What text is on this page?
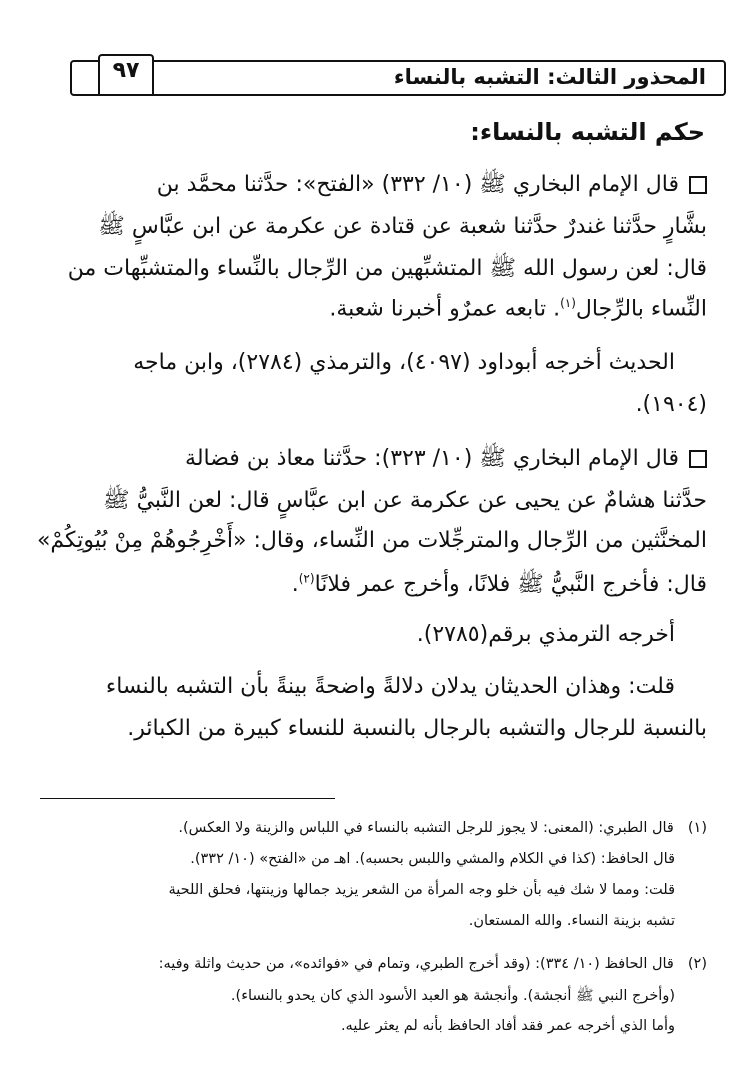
المحذور الثالث: التشبه بالنساء
٩٧
حكم التشبه بالنساء:
قال الإمام البخاري ﷺ (١٠/ ٣٣٢) «الفتح»: حدَّثنا محمَّد بن
بشَّارٍ حدَّثنا غندرٌ حدَّثنا شعبة عن قتادة عن عكرمة عن ابن عبَّاسٍ ﷺ
قال: لعن رسول الله ﷺ المتشبِّهين من الرِّجال بالنِّساء والمتشبِّهات من
النِّساء بالرِّجال$^{(١)}$. تابعه عمرٌو أخبرنا شعبة.
الحديث أخرجه أبوداود (٤٠٩٧)، والترمذي (٢٧٨٤)، وابن ماجه
(١٩٠٤).
قال الإمام البخاري ﷺ (١٠/ ٣٢٣): حدَّثنا معاذ بن فضالة
حدَّثنا هشامٌ عن يحيى عن عكرمة عن ابن عبَّاسٍ قال: لعن النَّبيُّ ﷺ
المخنَّثين من الرِّجال والمترجِّلات من النِّساء، وقال: «أَخْرِجُوهُمْ مِنْ بُيُوتِكُمْ»
قال: فأخرج النَّبيُّ ﷺ فلانًا، وأخرج عمر فلانًا$^{(٢)}$.
أخرجه الترمذي برقم(٢٧٨٥).
قلت: وهذان الحديثان يدلان دلالةً واضحةً بينةً بأن التشبه بالنساء
بالنسبة للرجال والتشبه بالرجال بالنسبة للنساء كبيرة من الكبائر.
(١)قال الطبري: (المعنى: لا يجوز للرجل التشبه بالنساء في اللباس والزينة ولا العكس).
قال الحافظ: (كذا في الكلام والمشي واللبس بحسبه). اهـ من «الفتح» (١٠/ ٣٣٢).
قلت: ومما لا شك فيه بأن خلو وجه المرأة من الشعر يزيد جمالها وزينتها، فحلق اللحية
تشبه بزينة النساء. والله المستعان.
(٢)قال الحافظ (١٠/ ٣٣٤): (وقد أخرج الطبري، وتمام في «فوائده»، من حديث واثلة وفيه:
(وأخرج النبي ﷺ أنجشة). وأنجشة هو العبد الأسود الذي كان يحدو بالنساء).
وأما الذي أخرجه عمر فقد أفاد الحافظ بأنه لم يعثر عليه.
